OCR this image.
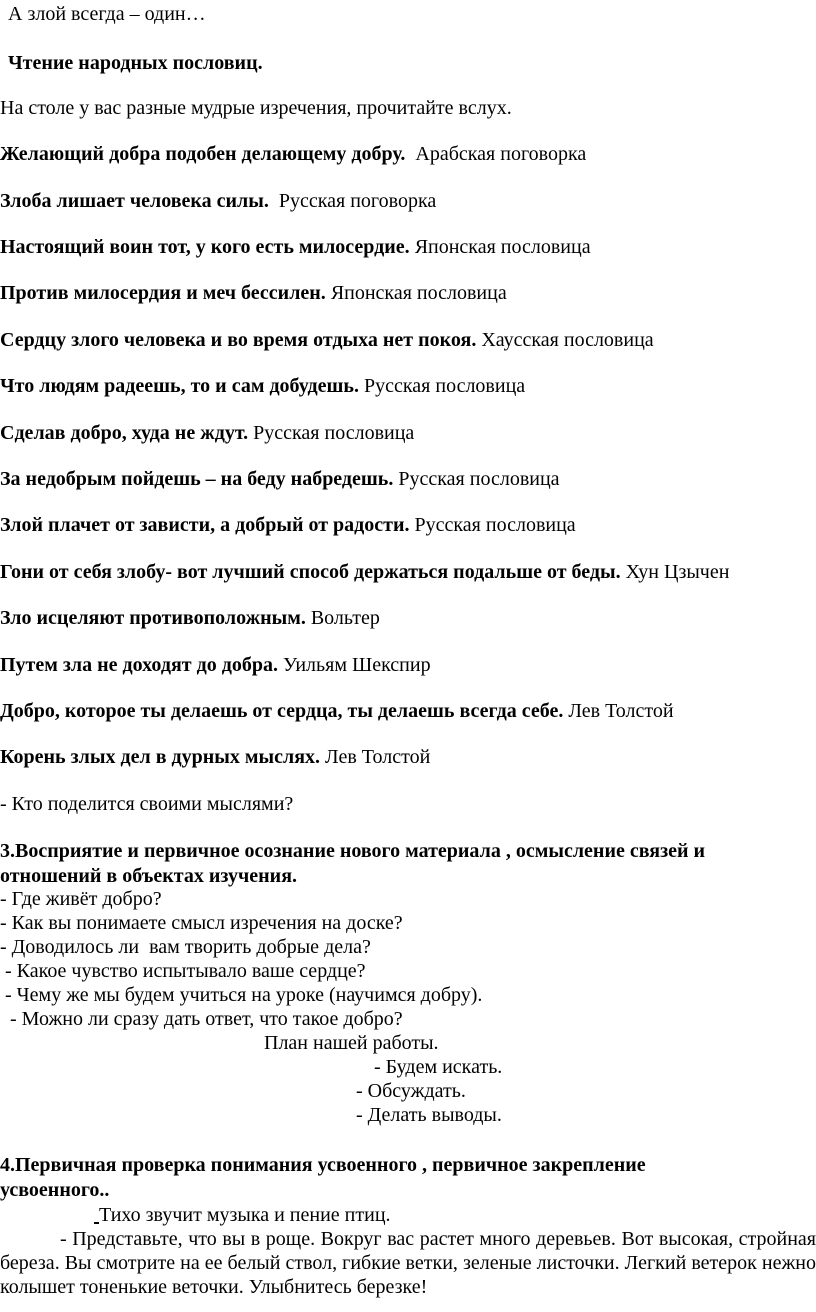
А злой всегда – один…
Чтение народных пословиц.
На столе у вас разные мудрые изречения, прочитайте вслух.
Желающий добра подобен делающему добру. Арабская поговорка
Злоба лишает человека силы. Русская поговорка
Настоящий воин тот, у кого есть милосердие. Японская пословица
Против милосердия и меч бессилен. Японская пословица
Сердцу злого человека и во время отдыха нет покоя. Хаусская пословица
Что людям радеешь, то и сам добудешь. Русская пословица
Сделав добро, худа не ждут. Русская пословица
За недобрым пойдешь – на беду набредешь. Русская пословица
Злой плачет от зависти, а добрый от радости. Русская пословица
Гони от себя злобу- вот лучший способ держаться подальше от беды. Хун Цзычен
Зло исцеляют противоположным. Вольтер
Путем зла не доходят до добра. Уильям Шекспир
Добро, которое ты делаешь от сердца, ты делаешь всегда себе. Лев Толстой
Корень злых дел в дурных мыслях. Лев Толстой
- Кто поделится своими мыслями?
3.Восприятие и первичное осознание нового материала , осмысление связей и
отношений в объектах изучения.
- Где живёт добро?
- Как вы понимаете смысл изречения на доске?
- Доводилось ли  вам творить добрые дела?
- Какое чувство испытывало ваше сердце?
- Чему же мы будем учиться на уроке (научимся добру).
- Можно ли сразу дать ответ, что такое добро?
План нашей работы.
- Будем искать.
- Обсуждать.
- Делать выводы.
4.Первичная проверка понимания усвоенного , первичное закрепление
усвоенного..
Тихо звучит музыка и пение птиц.
- Представьте, что вы в роще. Вокруг вас растет много деревьев. Вот высокая, стройная береза. Вы смотрите на ее белый ствол, гибкие ветки, зеленые листочки. Легкий ветерок нежно колышет тоненькие веточки. Улыбнитесь березке!
